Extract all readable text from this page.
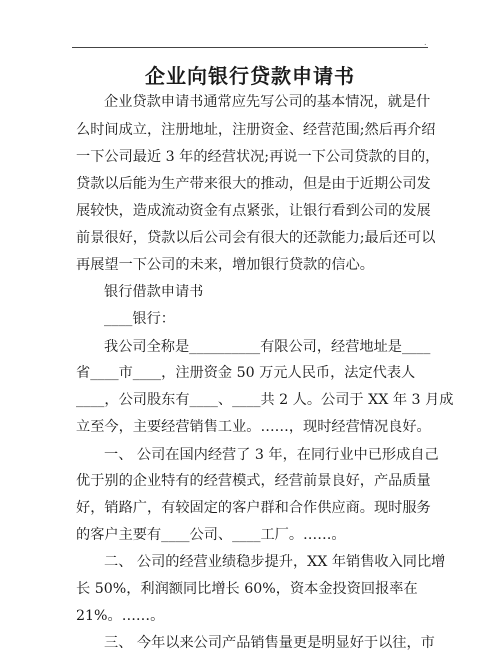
.
企业向银行贷款申请书
企业贷款申请书通常应先写公司的基本情况，就是什
么时间成立，注册地址，注册资金、经营范围;然后再介绍
一下公司最近 3 年的经营状况;再说一下公司贷款的目的，
贷款以后能为生产带来很大的推动，但是由于近期公司发
展较快，造成流动资金有点紧张，让银行看到公司的发展
前景很好，贷款以后公司会有很大的还款能力;最后还可以
再展望一下公司的未来，增加银行贷款的信心。
银行借款申请书
____银行：
我公司全称是__________有限公司，经营地址是____
省____市____，注册资金 50 万元人民币，法定代表人
____，公司股东有____、____共 2 人。公司于 XX 年 3 月成
立至今，主要经营销售工业。……，现时经营情况良好。
一、 公司在国内经营了 3 年，在同行业中已形成自己
优于别的企业特有的经营模式，经营前景良好，产品质量
好，销路广，有较固定的客户群和合作供应商。现时服务
的客户主要有____公司、____工厂。……。
二、 公司的经营业绩稳步提升，XX 年销售收入同比增
长 50%，利润额同比增长 60%，资本金投资回报率在
21%。……。
三、 今年以来公司产品销售量更是明显好于以往，市
